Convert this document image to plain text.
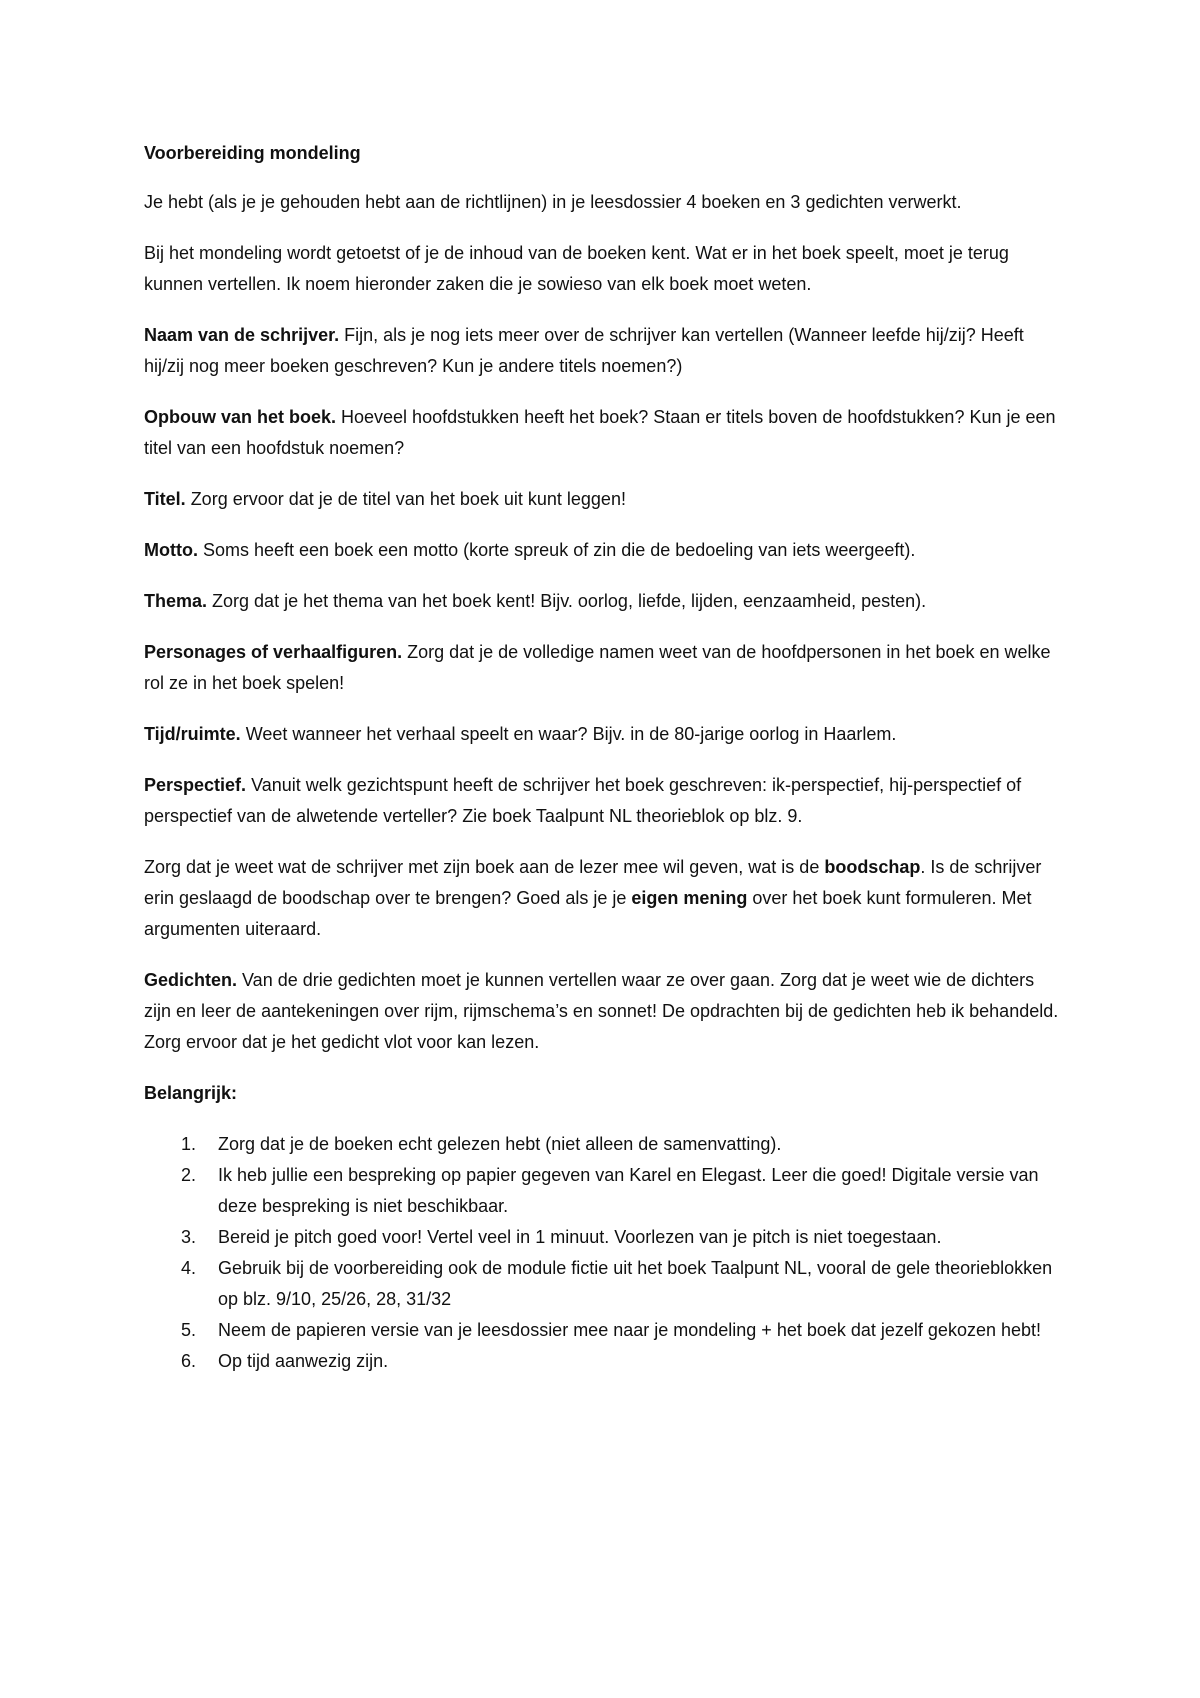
Voorbereiding mondeling

Je hebt (als je je gehouden hebt aan de richtlijnen) in je leesdossier 4 boeken en 3 gedichten verwerkt.

Bij het mondeling wordt getoetst of je de inhoud van de boeken kent. Wat er in het boek speelt, moet je terug kunnen vertellen. Ik noem hieronder zaken die je sowieso van elk boek moet weten.

Naam van de schrijver. Fijn, als je nog iets meer over de schrijver kan vertellen (Wanneer leefde hij/zij? Heeft hij/zij nog meer boeken geschreven? Kun je andere titels noemen?)

Opbouw van het boek. Hoeveel hoofdstukken heeft het boek? Staan er titels boven de hoofdstukken? Kun je een titel van een hoofdstuk noemen?

Titel. Zorg ervoor dat je de titel van het boek uit kunt leggen!

Motto. Soms heeft een boek een motto (korte spreuk of zin die de bedoeling van iets weergeeft).

Thema. Zorg dat je het thema van het boek kent! Bijv. oorlog, liefde, lijden, eenzaamheid, pesten).

Personages of verhaalfiguren. Zorg dat je de volledige namen weet van de hoofdpersonen in het boek en welke rol ze in het boek spelen!

Tijd/ruimte. Weet wanneer het verhaal speelt en waar? Bijv. in de 80-jarige oorlog in Haarlem.

Perspectief. Vanuit welk gezichtspunt heeft de schrijver het boek geschreven: ik-perspectief, hij-perspectief of perspectief van de alwetende verteller? Zie boek Taalpunt NL theorieblok op blz. 9.

Zorg dat je weet wat de schrijver met zijn boek aan de lezer mee wil geven, wat is de boodschap. Is de schrijver erin geslaagd de boodschap over te brengen? Goed als je je eigen mening over het boek kunt formuleren. Met argumenten uiteraard.

Gedichten. Van de drie gedichten moet je kunnen vertellen waar ze over gaan. Zorg dat je weet wie de dichters zijn en leer de aantekeningen over rijm, rijmschema’s en sonnet! De opdrachten bij de gedichten heb ik behandeld. Zorg ervoor dat je het gedicht vlot voor kan lezen.

Belangrijk:

1. Zorg dat je de boeken echt gelezen hebt (niet alleen de samenvatting).
2. Ik heb jullie een bespreking op papier gegeven van Karel en Elegast. Leer die goed! Digitale versie van deze bespreking is niet beschikbaar.
3. Bereid je pitch goed voor! Vertel veel in 1 minuut. Voorlezen van je pitch is niet toegestaan.
4. Gebruik bij de voorbereiding ook de module fictie uit het boek Taalpunt NL, vooral de gele theorieblokken op blz. 9/10, 25/26, 28, 31/32
5. Neem de papieren versie van je leesdossier mee naar je mondeling + het boek dat jezelf gekozen hebt!
6. Op tijd aanwezig zijn.
